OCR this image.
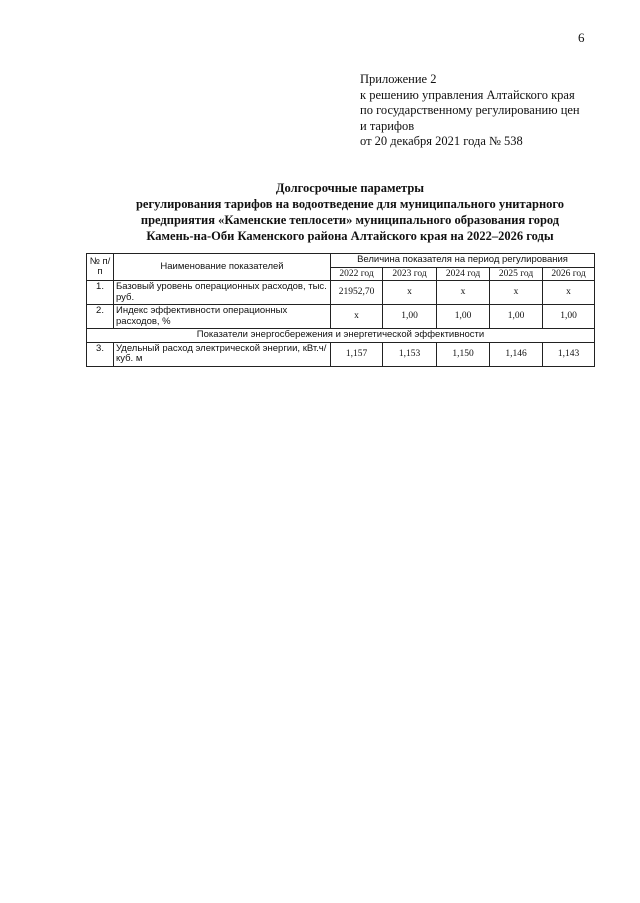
6
Приложение 2
к решению управления Алтайского края
по государственному регулированию цен
и тарифов
от 20 декабря 2021 года № 538
Долгосрочные параметры
регулирования тарифов на водоотведение для муниципального унитарного
предприятия «Каменские теплосети» муниципального образования город
Камень-на-Оби Каменского района Алтайского края на 2022–2026 годы
№ п/п	Наименование показателей	Величина показателя на период регулирования				
		2022 год	2023 год	2024 год	2025 год	2026 год
1.	Базовый уровень операционных расходов, тыс. руб.	21952,70	х	х	х	х
2.	Индекс эффективности операционных расходов, %	х	1,00	1,00	1,00	1,00
Показатели энергосбережения и энергетической эффективности						
3.	Удельный расход электрической энергии, кВт.ч/куб. м	1,157	1,153	1,150	1,146	1,143
